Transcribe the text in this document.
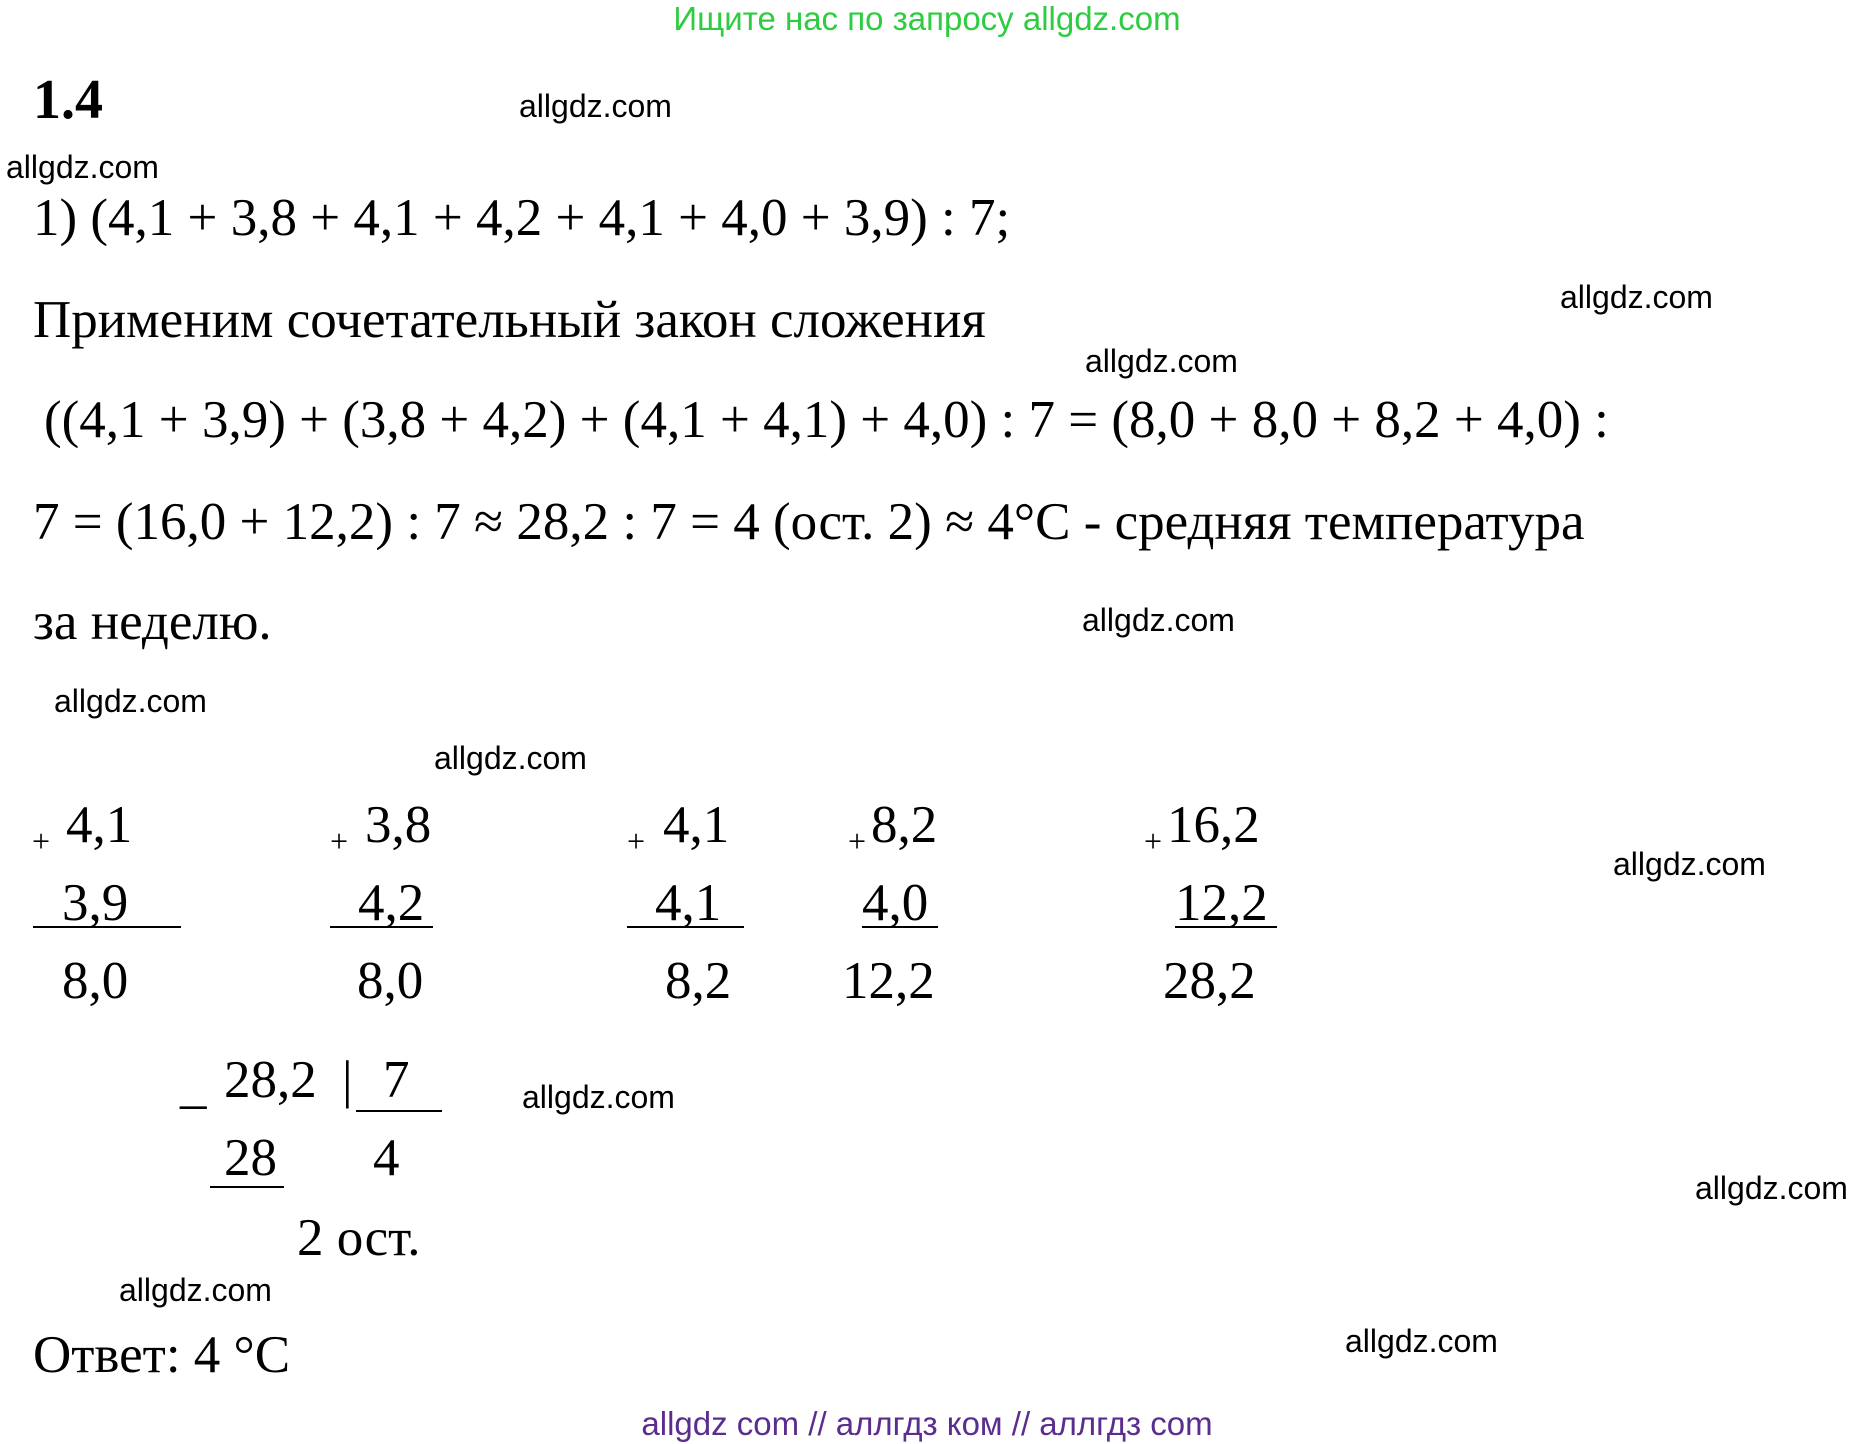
Ищите нас по запросу allgdz.com
1.4	allgdz.com
allgdz.com
allgdz.com
allgdz.com
allgdz.com
allgdz.com
allgdz.com
allgdz.com
allgdz.com
allgdz.com
allgdz.com
allgdz.com
1) (4,1 + 3,8 + 4,1 + 4,2 + 4,1 + 4,0 + 3,9) : 7;
Применим сочетательный закон сложения
((4,1 + 3,9) + (3,8 + 4,2) + (4,1 + 4,1) + 4,0) : 7 = (8,0 + 8,0 + 8,2 + 4,0) :
7 = (16,0 + 12,2) : 7 ≈ 28,2 : 7 = 4 (ост. 2) ≈ 4°С - средняя температура
за неделю.
+ 4,1
3,9
8,0
+ 3,8
4,2
8,0
+ 4,1
4,1
8,2
+ 8,2
4,0
12,2
+ 16,2
12,2
28,2
_ 28,2 | 7
28 4
2 ост.
Ответ: 4 °С
allgdz com // аллгдз ком // аллгдз com
